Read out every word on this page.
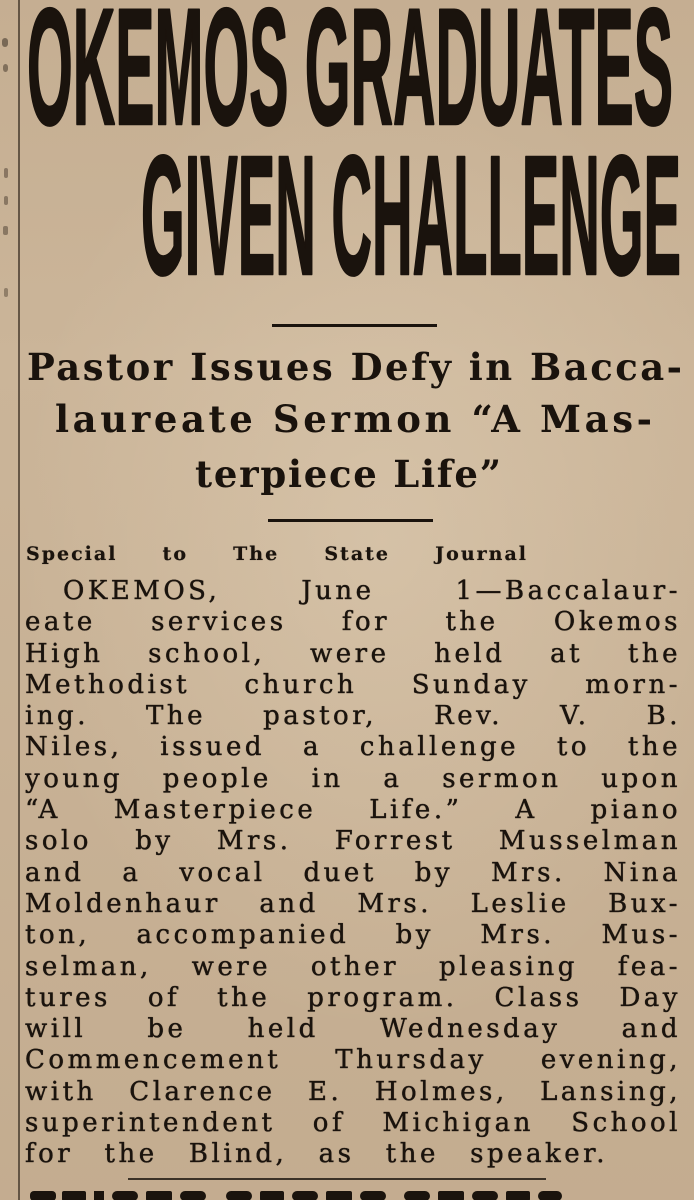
OKEMOS GRADUATES
GIVEN CHALLENGE
Pastor Issues Defy in Bacca-
laureate Sermon “A Mas-
terpiece Life”
Special to The State Journal
OKEMOS, June 1—Baccalaur-
eate services for the Okemos
High school, were held at the
Methodist church Sunday morn-
ing. The pastor, Rev. V. B.
Niles, issued a challenge to the
young people in a sermon upon
“A Masterpiece Life.” A piano
solo by Mrs. Forrest Musselman
and a vocal duet by Mrs. Nina
Moldenhaur and Mrs. Leslie Bux-
ton, accompanied by Mrs. Mus-
selman, were other pleasing fea-
tures of the program. Class Day
will be held Wednesday and
Commencement Thursday evening,
with Clarence E. Holmes, Lansing,
superintendent of Michigan School
for the Blind, as the speaker.
